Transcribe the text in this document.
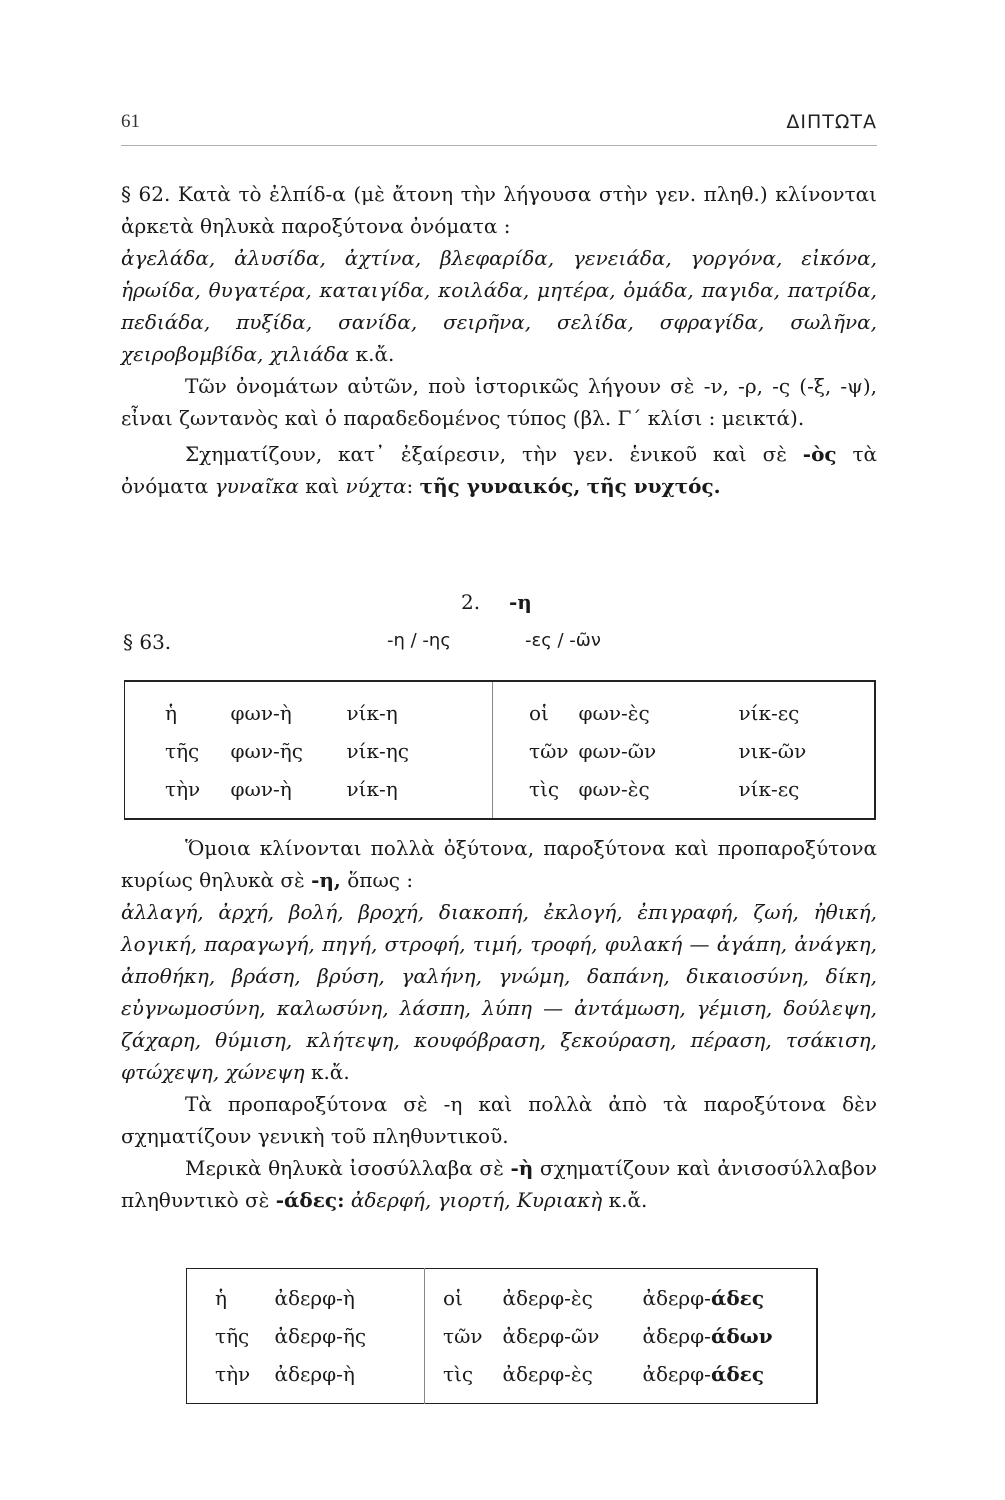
61	ΔΙΠΤΩΤΑ

§ 62. Κατὰ τὸ ἐλπίδ-α (μὲ ἄτονη τὴν λήγουσα στὴν γεν. πληθ.) κλίνονται ἀρκετὰ θηλυκὰ παροξύτονα ὀνόματα :

ἀγελάδα, ἀλυσίδα, ἀχτίνα, βλεφαρίδα, γενειάδα, γοργόνα, εἰκόνα, ἡρωίδα, θυγατέρα, καταιγίδα, κοιλάδα, μητέρα, ὁμάδα, παγιδα, πατρίδα, πεδιάδα, πυξίδα, σανίδα, σειρῆνα, σελίδα, σφραγίδα, σωλῆνα, χειροβομβίδα, χιλιάδα κ.ἄ.

Τῶν ὀνομάτων αὐτῶν, ποὺ ἱστορικῶς λήγουν σὲ -ν, -ρ, -ς (-ξ, -ψ), εἶναι ζωντανὸς καὶ ὁ παραδεδομένος τύπος (βλ. Γ΄ κλίσι : μεικτά).

Σχηματίζουν, κατ᾽ ἐξαίρεσιν, τὴν γεν. ἑνικοῦ καὶ σὲ -ὸς τὰ ὀνόματα γυναῖκα καὶ νύχτα: τῆς γυναικός, τῆς νυχτός.

2. -η
§ 63.	-η / -ης	-ες / -ῶν
ἡ	φων-ὴ	νίκ-η	οἱ	φων-ὲς	νίκ-ες
τῆς	φων-ῆς	νίκ-ης	τῶν	φων-ῶν	νικ-ῶν
τὴν	φων-ὴ	νίκ-η	τὶς	φων-ὲς	νίκ-ες

Ὅμοια κλίνονται πολλὰ ὀξύτονα, παροξύτονα καὶ προπαροξύτονα κυρίως θηλυκὰ σὲ -η, ὅπως :

ἀλλαγή, ἀρχή, βολή, βροχή, διακοπή, ἐκλογή, ἐπιγραφή, ζωή, ἠθική, λογική, παραγωγή, πηγή, στροφή, τιμή, τροφή, φυλακή — ἀγάπη, ἀνάγκη, ἀποθήκη, βράση, βρύση, γαλήνη, γνώμη, δαπάνη, δικαιοσύνη, δίκη, εὐγνωμοσύνη, καλωσύνη, λάσπη, λύπη — ἀντάμωση, γέμιση, δούλεψη, ζάχαρη, θύμιση, κλήτεψη, κουφόβραση, ξεκούραση, πέραση, τσάκιση, φτώχεψη, χώνεψη κ.ἄ.

Τὰ προπαροξύτονα σὲ -η καὶ πολλὰ ἀπὸ τὰ παροξύτονα δὲν σχηματίζουν γενικὴ τοῦ πληθυντικοῦ.

Μερικὰ θηλυκὰ ἰσοσύλλαβα σὲ -ὴ σχηματίζουν καὶ ἀνισοσύλλαβον πληθυντικὸ σὲ -άδες: ἀδερφή, γιορτή, Κυριακὴ κ.ἄ.

ἡ	ἀδερφ-ὴ	οἱ	ἀδερφ-ὲς	ἀδερφ-άδες
τῆς	ἀδερφ-ῆς	τῶν	ἀδερφ-ῶν	ἀδερφ-άδων
τὴν	ἀδερφ-ὴ	τὶς	ἀδερφ-ὲς	ἀδερφ-άδες
